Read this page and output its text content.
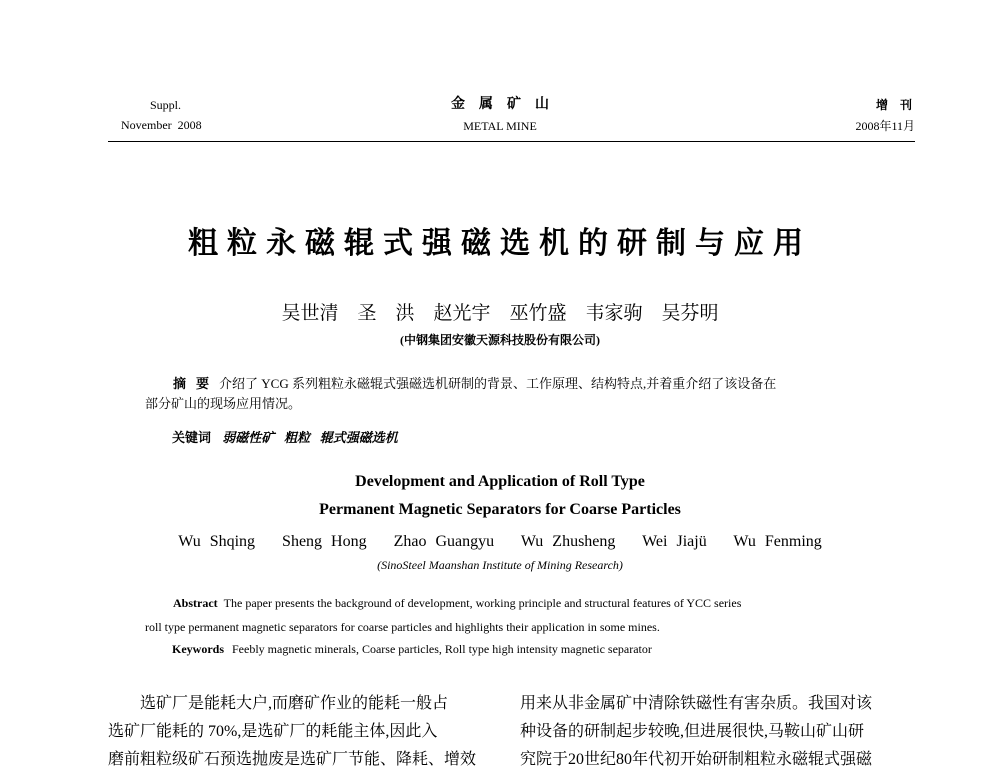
Suppl.
November  2008
金　属　矿　山
METAL MINE
增　刊
2008年11月
粗粒永磁辊式强磁选机的研制与应用
吴世清　圣　洪　赵光宇　巫竹盛　韦家驹　吴芬明
(中钢集团安徽天源科技股份有限公司)
摘要介绍了 YCG 系列粗粒永磁辊式强磁选机研制的背景、工作原理、结构特点,并着重介绍了该设备在
部分矿山的现场应用情况。
关键词 弱磁性矿 粗粒 辊式强磁选机
Development and Application of Roll Type
Permanent Magnetic Separators for Coarse Particles
Wu Shqing   Sheng Hong   Zhao Guangyu   Wu Zhusheng   Wei Jiajü   Wu Fenming
(SinoSteel Maanshan Institute of Mining Research)
Abstract The paper presents the background of development, working principle and structural features of YCC series
roll type permanent magnetic separators for coarse particles and highlights their application in some mines.
Keywords Feebly magnetic minerals, Coarse particles, Roll type high intensity magnetic separator
选矿厂是能耗大户,而磨矿作业的能耗一般占
选矿厂能耗的 70%,是选矿厂的耗能主体,因此入
磨前粗粒级矿石预选抛废是选矿厂节能、降耗、增效
用来从非金属矿中清除铁磁性有害杂质。我国对该
种设备的研制起步较晚,但进展很快,马鞍山矿山研
究院于20世纪80年代初开始研制粗粒永磁辊式强磁
